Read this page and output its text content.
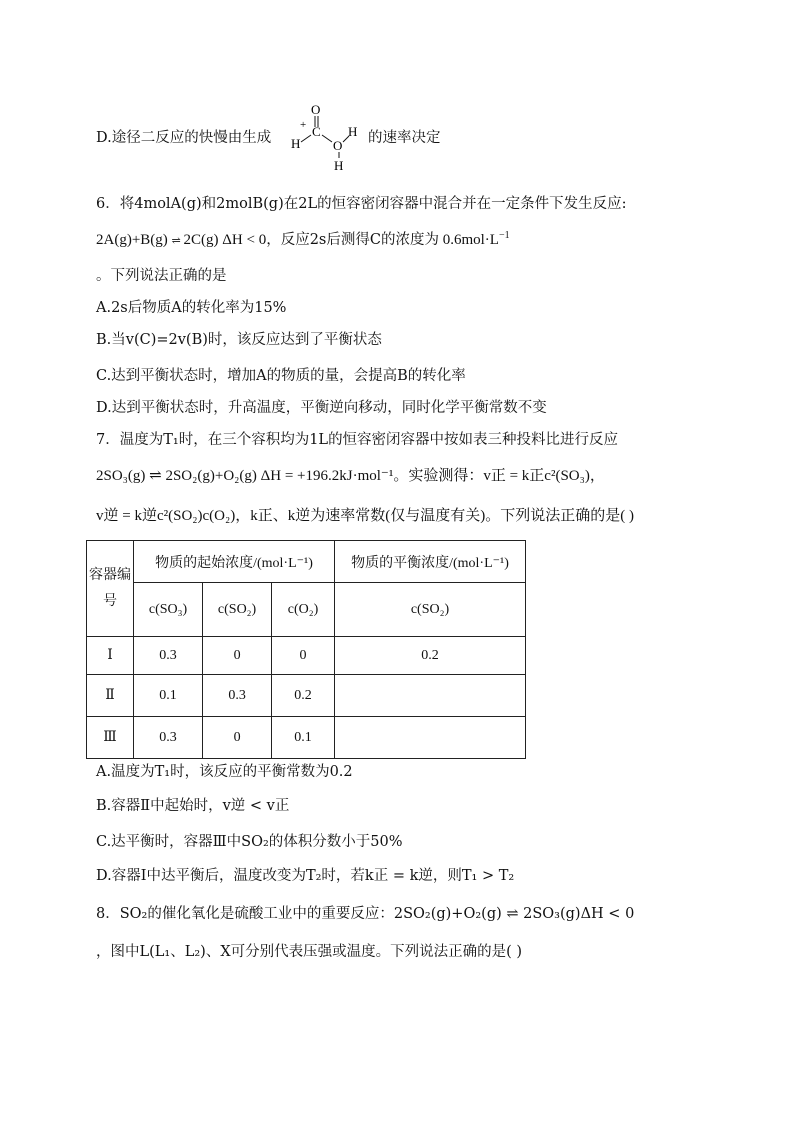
D.途径二反应的快慢由生成
O
+ C
H	O
H
H
的速率决定
6．将4molA(g)和2molB(g)在2L的恒容密闭容器中混合并在一定条件下发生反应:
2A(g)+B(g) ⇌ 2C(g) ΔH < 0，反应2s后测得C的浓度为 $0.6mol\cdot L^{-1}$
。下列说法正确的是
A.2s后物质A的转化率为15%
B.当v(C)=2v(B)时，该反应达到了平衡状态
C.达到平衡状态时，增加A的物质的量，会提高B的转化率
D.达到平衡状态时，升高温度，平衡逆向移动，同时化学平衡常数不变
7．温度为T₁时，在三个容积均为1L的恒容密闭容器中按如表三种投料比进行反应
2SO₃(g) ⇌ 2SO₂(g)+O₂(g) ΔH = +196.2kJ·mol⁻¹。实验测得：v正 = k正c²(SO₃)，
v逆 = k逆c²(SO₂)c(O₂)，k正、k逆为速率常数(仅与温度有关)。下列说法正确的是( )
容器编号	物质的起始浓度/(mol·L⁻¹)			物质的平衡浓度/(mol·L⁻¹)
	c(SO₃)	c(SO₂)	c(O₂)	c(SO₂)
Ⅰ	0.3	0	0	0.2
Ⅱ	0.1	0.3	0.2	
Ⅲ	0.3	0	0.1	
A.温度为T₁时，该反应的平衡常数为0.2
B.容器Ⅱ中起始时，v逆 < v正
C.达平衡时，容器Ⅲ中SO₂的体积分数小于50%
D.容器Ⅰ中达平衡后，温度改变为T₂时，若k正 = k逆，则T₁ > T₂
8．SO₂的催化氧化是硫酸工业中的重要反应：2SO₂(g)+O₂(g) ⇌ 2SO₃(g)ΔH < 0
，图中L(L₁、L₂)、X可分别代表压强或温度。下列说法正确的是( )
